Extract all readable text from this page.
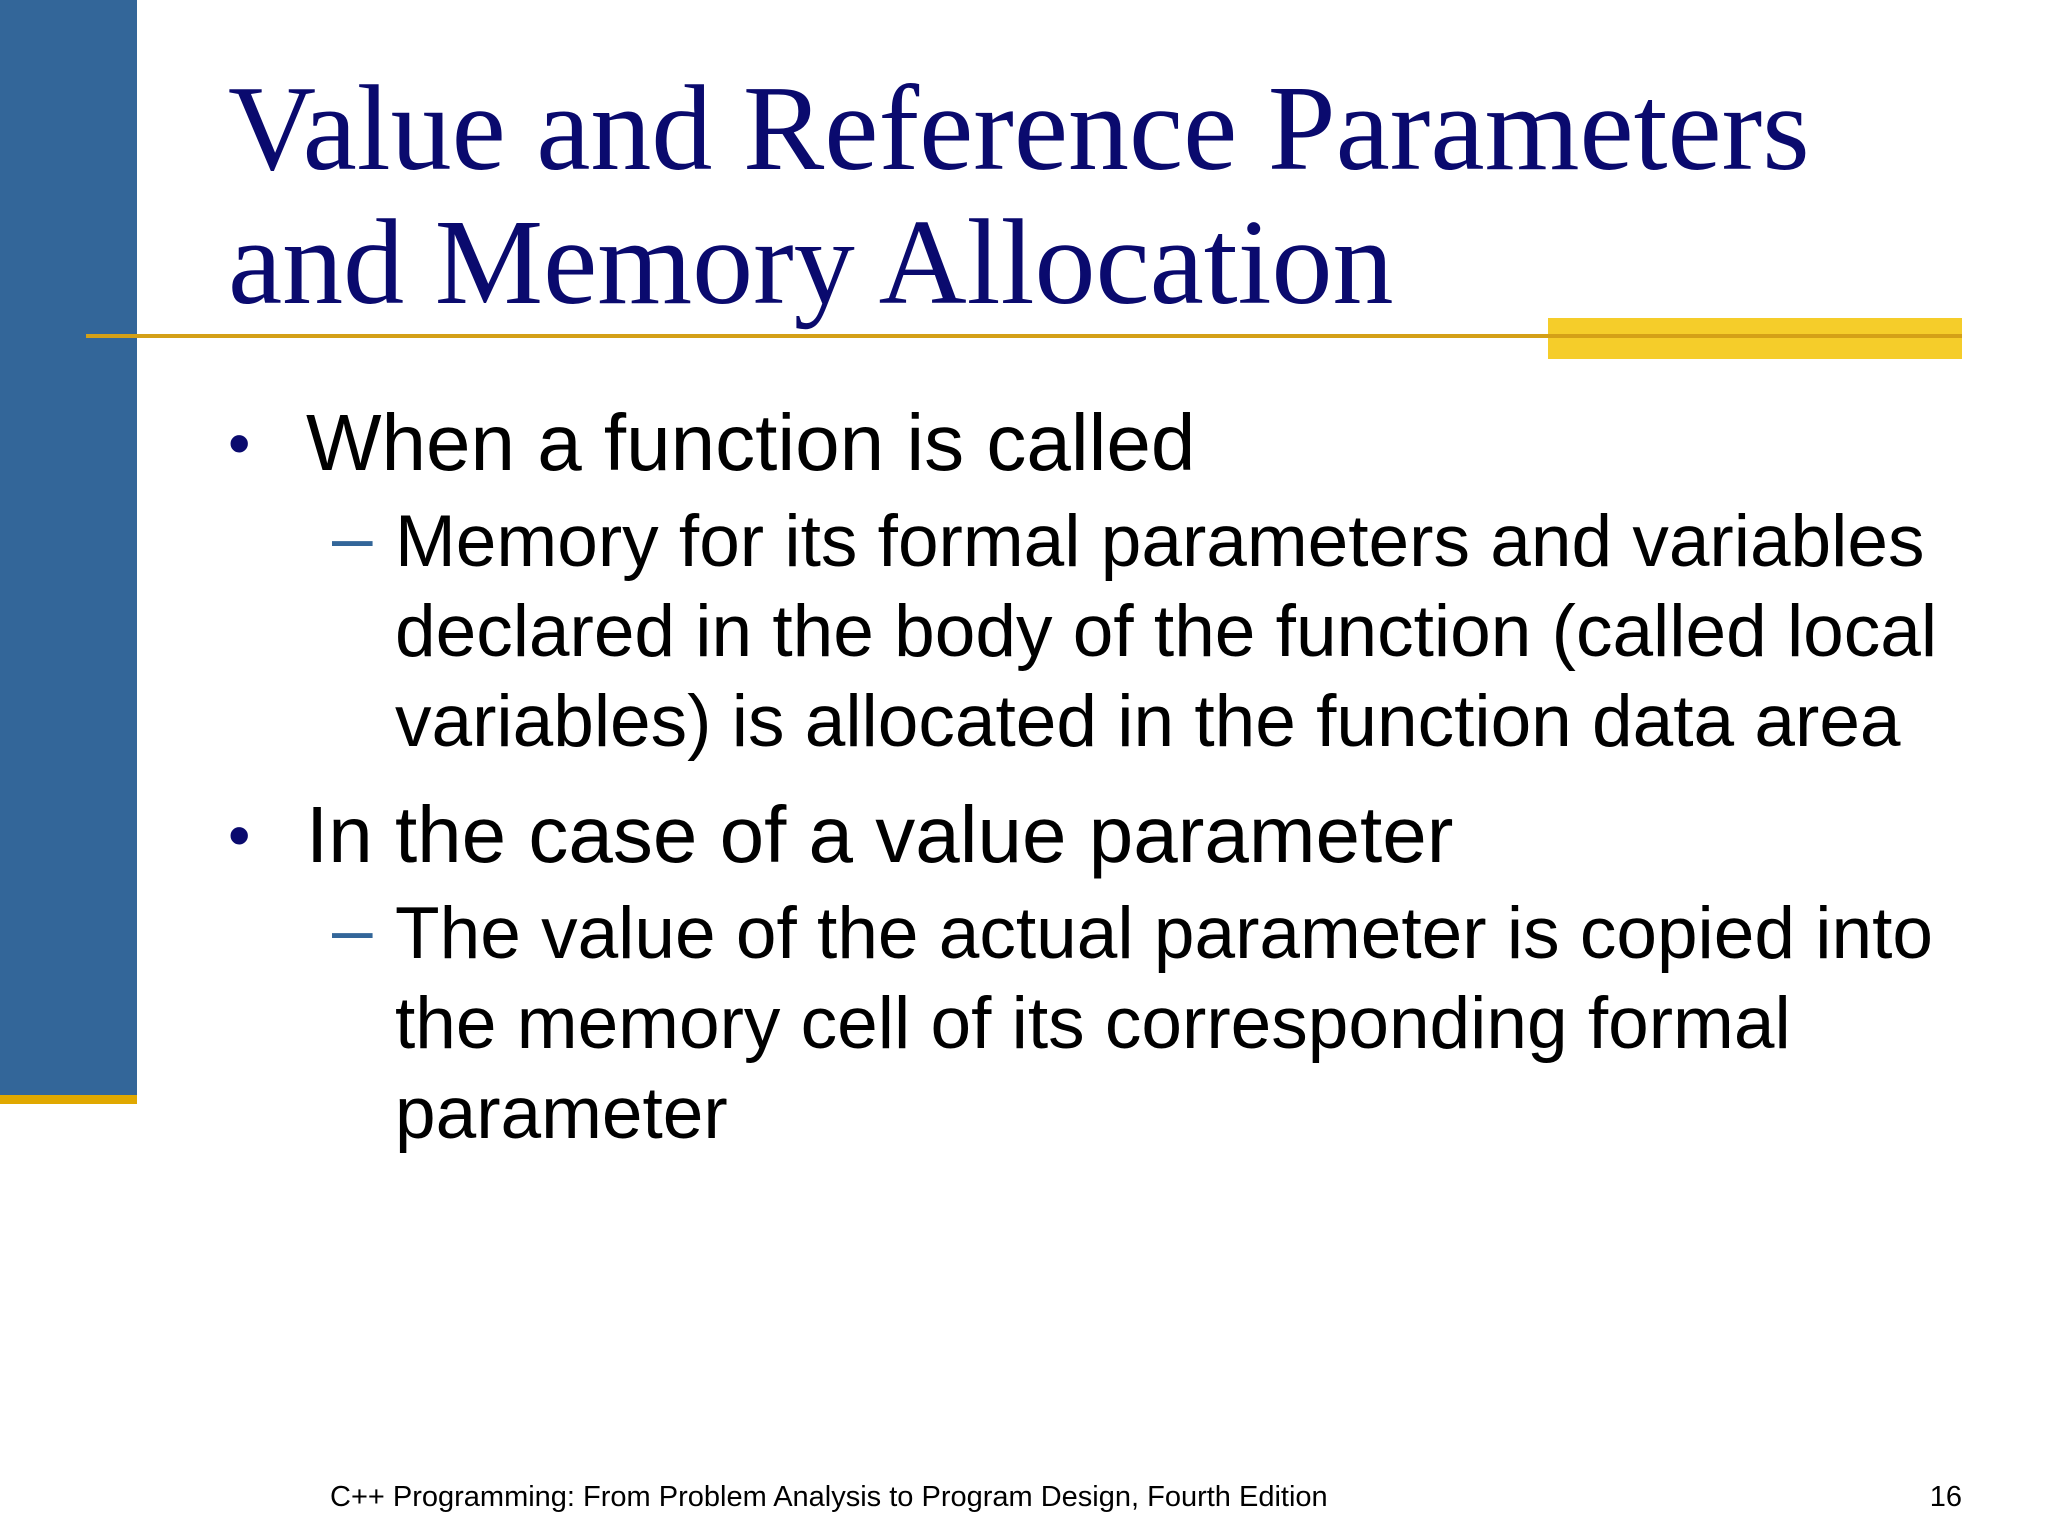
Value and Reference Parameters
and Memory Allocation
• When a function is called
– Memory for its formal parameters and variables declared in the body of the function (called local variables) is allocated in the function data area
• In the case of a value parameter
– The value of the actual parameter is copied into the memory cell of its corresponding formal parameter
C++ Programming: From Problem Analysis to Program Design, Fourth Edition	16
